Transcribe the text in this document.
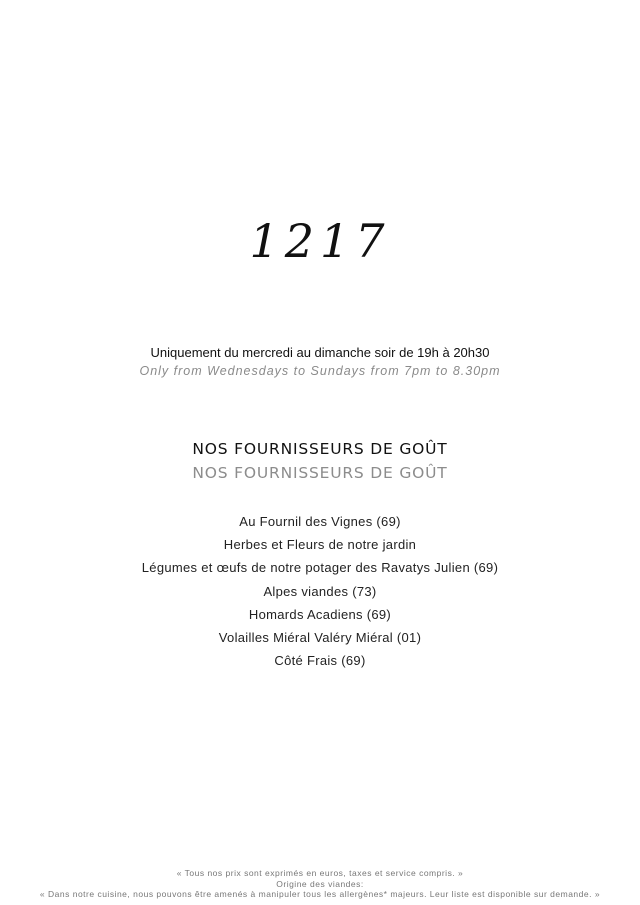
1217
Uniquement du mercredi au dimanche soir de 19h à 20h30
Only from Wednesdays to Sundays from 7pm to 8.30pm
NOS FOURNISSEURS DE GOÛT
NOS FOURNISSEURS DE GOÛT
Au Fournil des Vignes (69)
Herbes et Fleurs de notre jardin
Légumes et œufs de notre potager des Ravatys Julien (69)
Alpes viandes (73)
Homards Acadiens (69)
Volailles Miéral Valéry Miéral (01)
Côté Frais (69)
« Tous nos prix sont exprimés en euros, taxes et service compris. »
Origine des viandes:
« Dans notre cuisine, nous pouvons être amenés à manipuler tous les allergènes* majeurs. Leur liste est disponible sur demande. »
